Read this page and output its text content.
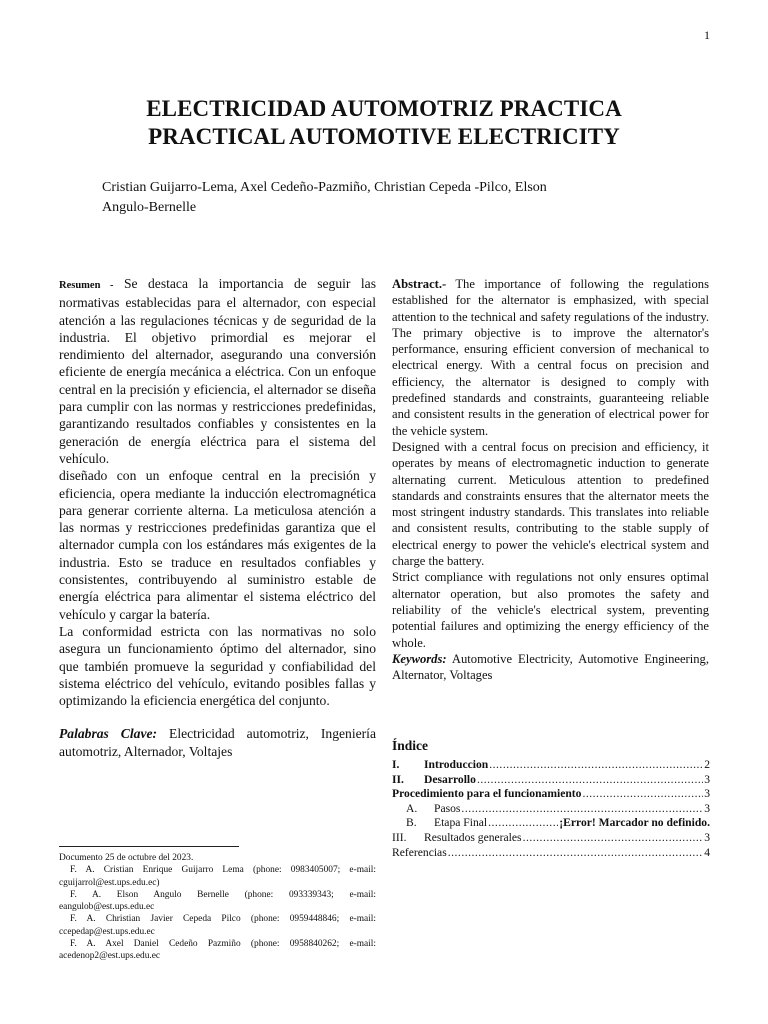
1
ELECTRICIDAD AUTOMOTRIZ PRACTICA
PRACTICAL AUTOMOTIVE ELECTRICITY
Cristian Guijarro-Lema, Axel Cedeño-Pazmiño, Christian Cepeda -Pilco, Elson Angulo-Bernelle

Resumen - Se destaca la importancia de seguir las normativas establecidas para el alternador, con especial atención a las regulaciones técnicas y de seguridad de la industria. El objetivo primordial es mejorar el rendimiento del alternador, asegurando una conversión eficiente de energía mecánica a eléctrica. Con un enfoque central en la precisión y eficiencia, el alternador se diseña para cumplir con las normas y restricciones predefinidas, garantizando resultados confiables y consistentes en la generación de energía eléctrica para el sistema del vehículo.

diseñado con un enfoque central en la precisión y eficiencia, opera mediante la inducción electromagnética para generar corriente alterna. La meticulosa atención a las normas y restricciones predefinidas garantiza que el alternador cumpla con los estándares más exigentes de la industria. Esto se traduce en resultados confiables y consistentes, contribuyendo al suministro estable de energía eléctrica para alimentar el sistema eléctrico del vehículo y cargar la batería.

La conformidad estricta con las normativas no solo asegura un funcionamiento óptimo del alternador, sino que también promueve la seguridad y confiabilidad del sistema eléctrico del vehículo, evitando posibles fallas y optimizando la eficiencia energética del conjunto.

Palabras Clave: Electricidad automotriz, Ingeniería automotriz, Alternador, Voltajes

Abstract.- The importance of following the regulations established for the alternator is emphasized, with special attention to the technical and safety regulations of the industry. The primary objective is to improve the alternator's performance, ensuring efficient conversion of mechanical to electrical energy. With a central focus on precision and efficiency, the alternator is designed to comply with predefined standards and constraints, guaranteeing reliable and consistent results in the generation of electrical power for the vehicle system.

Designed with a central focus on precision and efficiency, it operates by means of electromagnetic induction to generate alternating current. Meticulous attention to predefined standards and constraints ensures that the alternator meets the most stringent industry standards. This translates into reliable and consistent results, contributing to the stable supply of electrical energy to power the vehicle's electrical system and charge the battery.

Strict compliance with regulations not only ensures optimal alternator operation, but also promotes the safety and reliability of the vehicle's electrical system, preventing potential failures and optimizing the energy efficiency of the whole.

Keywords: Automotive Electricity, Automotive Engineering, Alternator, Voltages

Índice
I.	Introduccion .....	2
II.	Desarrollo .....	3
Procedimiento para el funcionamiento .....	3
A.	Pasos .....	3
B.	Etapa Final .....	¡Error! Marcador no definido.
III.	Resultados generales .....	3
Referencias .....	4

Documento 25 de octubre del 2023.

F. A. Cristian Enrique Guijarro Lema (phone: 0983405007; e-mail: cguijarrol@est.ups.edu.ec)

F. A. Elson Angulo Bernelle (phone: 093339343; e-mail: eangulob@est.ups.edu.ec

F. A. Christian Javier Cepeda Pilco (phone: 0959448846; e-mail: ccepedap@est.ups.edu.ec

F. A. Axel Daniel Cedeño Pazmiño (phone: 0958840262; e-mail: acedenop2@est.ups.edu.ec
